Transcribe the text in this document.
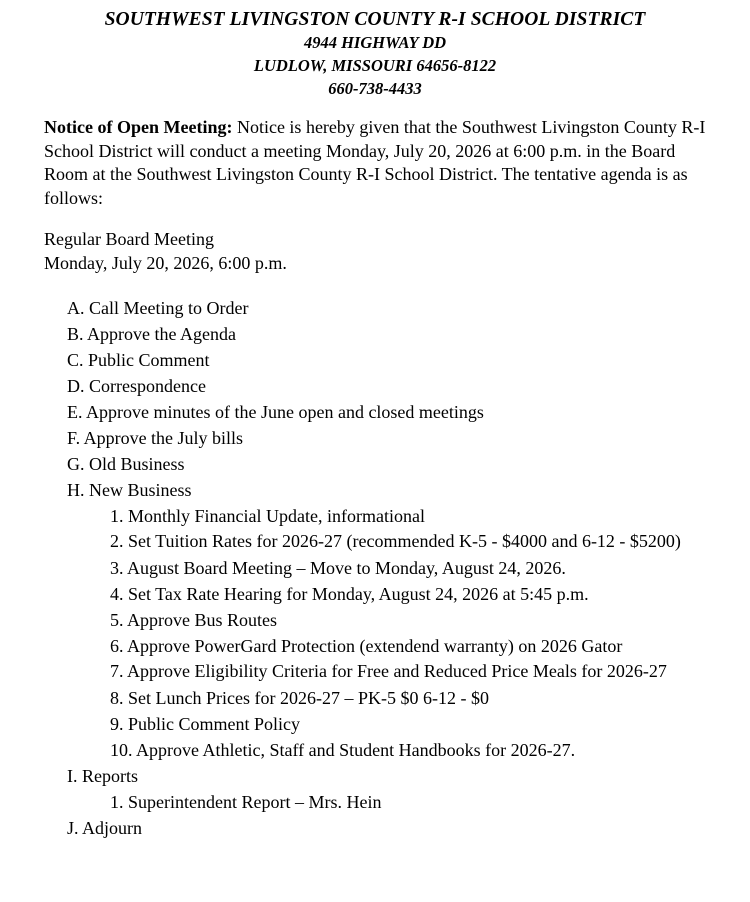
SOUTHWEST LIVINGSTON COUNTY R-I SCHOOL DISTRICT
4944 HIGHWAY DD
LUDLOW, MISSOURI 64656-8122
660-738-4433
Notice of Open Meeting: Notice is hereby given that the Southwest Livingston County R-I School District will conduct a meeting Monday, July 20, 2026 at 6:00 p.m. in the Board Room at the Southwest Livingston County R-I School District. The tentative agenda is as follows:
Regular Board Meeting
Monday, July 20, 2026, 6:00 p.m.
A. Call Meeting to Order
B. Approve the Agenda
C. Public Comment
D. Correspondence
E. Approve minutes of the June open and closed meetings
F. Approve the July bills
G. Old Business
H. New Business
1. Monthly Financial Update, informational
2. Set Tuition Rates for 2026-27 (recommended K-5 - $4000 and 6-12 - $5200)
3. August Board Meeting – Move to Monday, August 24, 2026.
4. Set Tax Rate Hearing for Monday, August 24, 2026 at 5:45 p.m.
5. Approve Bus Routes
6. Approve PowerGard Protection (extendend warranty) on 2026 Gator
7. Approve Eligibility Criteria for Free and Reduced Price Meals for 2026-27
8. Set Lunch Prices for 2026-27 – PK-5 $0 6-12 - $0
9. Public Comment Policy
10. Approve Athletic, Staff and Student Handbooks for 2026-27.
I. Reports
1. Superintendent Report – Mrs. Hein
J. Adjourn
